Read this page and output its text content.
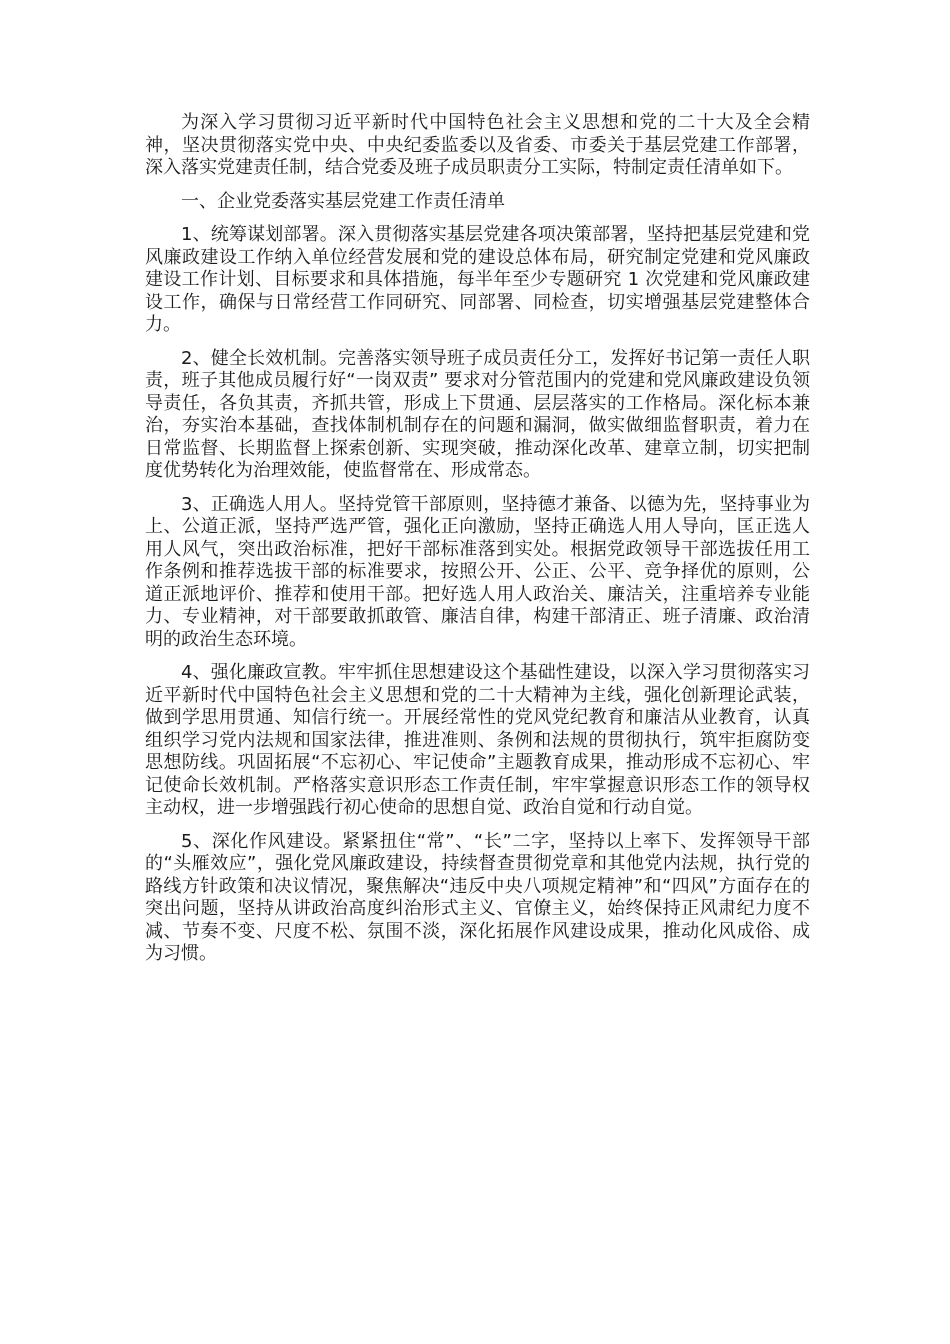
为深入学习贯彻习近平新时代中国特色社会主义思想和党的二十大及全会精神，坚决贯彻落实党中央、中央纪委监委以及省委、市委关于基层党建工作部署，深入落实党建责任制，结合党委及班子成员职责分工实际，特制定责任清单如下。

一、企业党委落实基层党建工作责任清单

1、统筹谋划部署。深入贯彻落实基层党建各项决策部署，坚持把基层党建和党风廉政建设工作纳入单位经营发展和党的建设总体布局，研究制定党建和党风廉政建设工作计划、目标要求和具体措施，每半年至少专题研究 1 次党建和党风廉政建设工作，确保与日常经营工作同研究、同部署、同检查，切实增强基层党建整体合力。

2、健全长效机制。完善落实领导班子成员责任分工，发挥好书记第一责任人职责，班子其他成员履行好“一岗双责” 要求对分管范围内的党建和党风廉政建设负领导责任，各负其责，齐抓共管，形成上下贯通、层层落实的工作格局。深化标本兼治，夯实治本基础，查找体制机制存在的问题和漏洞，做实做细监督职责，着力在日常监督、长期监督上探索创新、实现突破，推动深化改革、建章立制，切实把制度优势转化为治理效能，使监督常在、形成常态。

3、正确选人用人。坚持党管干部原则，坚持德才兼备、以德为先，坚持事业为上、公道正派，坚持严选严管，强化正向激励，坚持正确选人用人导向，匡正选人用人风气，突出政治标准，把好干部标准落到实处。根据党政领导干部选拔任用工作条例和推荐选拔干部的标准要求，按照公开、公正、公平、竞争择优的原则，公道正派地评价、推荐和使用干部。把好选人用人政治关、廉洁关，注重培养专业能力、专业精神，对干部要敢抓敢管、廉洁自律，构建干部清正、班子清廉、政治清明的政治生态环境。

4、强化廉政宣教。牢牢抓住思想建设这个基础性建设，以深入学习贯彻落实习近平新时代中国特色社会主义思想和党的二十大精神为主线，强化创新理论武装，做到学思用贯通、知信行统一。开展经常性的党风党纪教育和廉洁从业教育，认真组织学习党内法规和国家法律，推进准则、条例和法规的贯彻执行，筑牢拒腐防变思想防线。巩固拓展“不忘初心、牢记使命”主题教育成果，推动形成不忘初心、牢记使命长效机制。严格落实意识形态工作责任制，牢牢掌握意识形态工作的领导权主动权，进一步增强践行初心使命的思想自觉、政治自觉和行动自觉。

5、深化作风建设。紧紧扭住“常”、“长”二字，坚持以上率下、发挥领导干部的“头雁效应”，强化党风廉政建设，持续督查贯彻党章和其他党内法规，执行党的路线方针政策和决议情况，聚焦解决“违反中央八项规定精神”和“四风”方面存在的突出问题，坚持从讲政治高度纠治形式主义、官僚主义，始终保持正风肃纪力度不减、节奏不变、尺度不松、氛围不淡，深化拓展作风建设成果，推动化风成俗、成为习惯。
